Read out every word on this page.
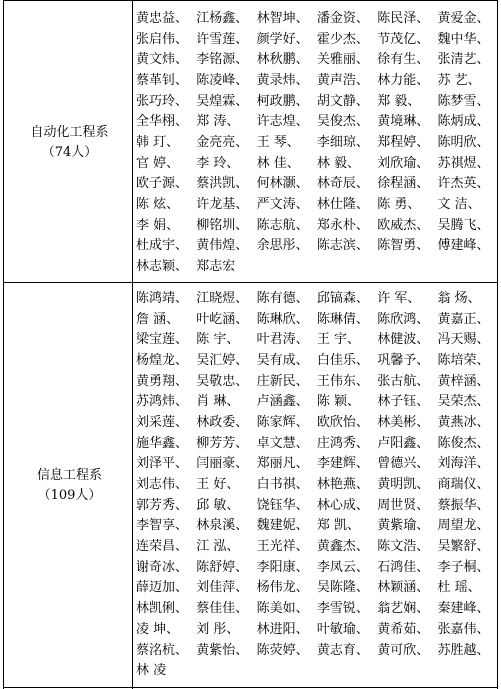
自动化工程系
（74人）
黄忠益、 江杨鑫、 林智坤、 潘金资、 陈民泽、 黄爱金、
张启伟、 许雪莲、 颜学好、 霍少杰、 节茂亿、 魏中华、
黄文炜、 李铭源、 林秋鹏、 关雅丽、 徐有生、 张清艺、
蔡革钊、 陈凌峰、 黄录炜、 黄声浩、 林力能、 苏 艺、
张巧玲、 吴煌霖、 柯政鹏、 胡文静、 郑 毅、	陈梦雪、
全华栩、 郑 涛、	许志煌、 吴俊杰、 黄境琳、 陈炳成、
韩 玎、	金亮亮、 王 琴、	李细琼、 郑程婷、 陈明欣、
官 婷、	李 玲、	林 佳、	林 毅、	刘欣瑜、 苏祺煜、
欧子源、 蔡洪凯、 何林灏、 林奇辰、 徐程涵、 许杰英、
陈 炫、	许龙基、 严文涛、 林仕隆、 陈 勇、	文 洁、
李 娟、	柳铭圳、 陈志航、 郑永朴、 欧威杰、 吴腾飞、
杜成宇、 黄伟煌、 余思彤、 陈志滨、 陈智勇、 傅建峰、
林志颖、 郑志宏
信息工程系
（109人）
陈鸿靖、 江晓煜、 陈有德、 邱镐森、 许 军、	翁 炀、
詹 涵、	叶屹涵、 陈琳欣、 陈琳倩、 陈欣鸿、 黄嘉正、
梁宝莲、 陈 宇、	叶君涛、 王 宇、	林健波、 冯天赐、
杨煌龙、 吴汇婷、 吴有成、 白佳乐、 巩馨予、 陈培荣、
黄勇翔、 吴敬忠、 庄新民、 王伟东、 张古航、 黄梓涵、
苏鸿炜、 肖 琳、	卢涵鑫、 陈 颖、	林子钰、 吴荣杰、
刘采莲、 林政委、 陈家辉、 欧欣怡、 林美彬、 黄燕冰、
施华鑫、 柳芳芳、 卓文慧、 庄鸿秀、 卢阳鑫、 陈俊杰、
刘泽平、 闫丽豪、 郑丽凡、 李建辉、 曾德兴、 刘海洋、
刘志伟、 王 好、	白书祺、 林艳燕、 黄明凯、 商瑞仪、
郭芳秀、 邱 敏、	饶钰华、 林心成、 周世贤、 蔡振华、
李智享、 林泉溪、 魏建妮、 郑 凯、	黄紫瑜、 周望龙、
连荣昌、 江 泓、	王光祥、 黄鑫杰、 陈文浩、 吴繁舒、
谢奇冰、 陈舒婷、 李阳康、 李凤云、 石鸿佳、 李子桐、
薛迈加、 刘佳萍、 杨伟龙、 吴陈隆、 林颖涵、 杜 瑶、
林凯俐、 蔡佳佳、 陈美如、 李雪锐、 翁艺娴、 秦建峰、
凌 坤、	刘 彤、	林进阳、 叶敏瑜、 黄希茹、 张嘉伟、
蔡洺杭、 黄紫怡、 陈荧婷、 黄志育、 黄可欣、 苏胜越、
林 凌
